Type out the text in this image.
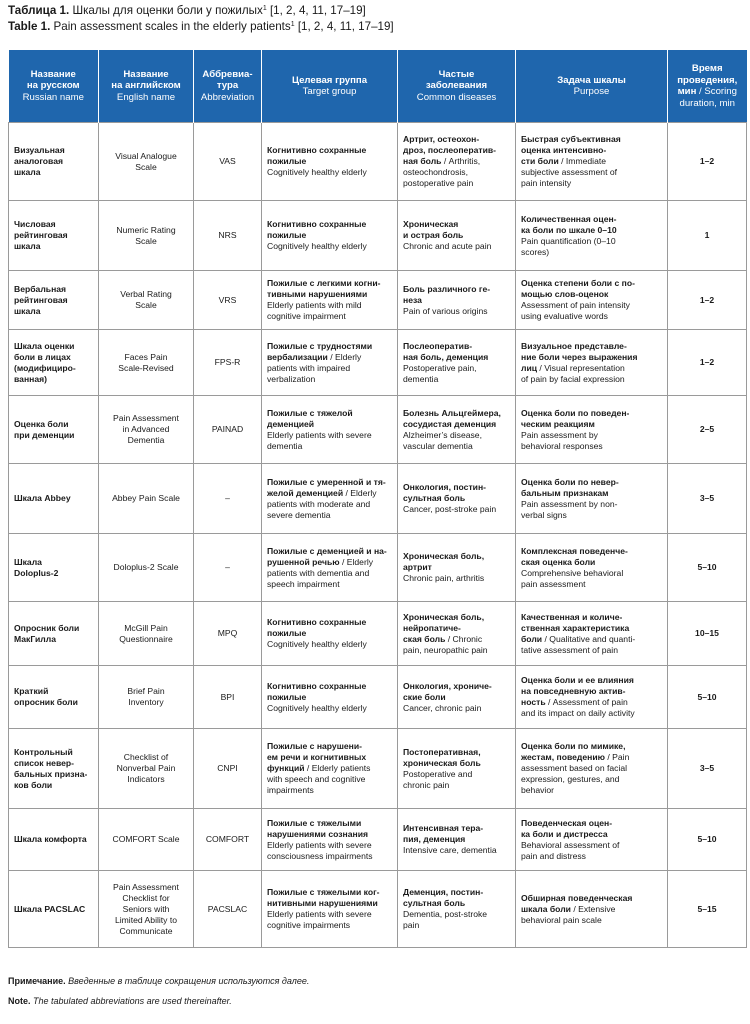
Таблица 1. Шкалы для оценки боли у пожилых$^1$ [1, 2, 4, 11, 17–19]
Table 1. Pain assessment scales in the elderly patients$^1$ [1, 2, 4, 11, 17–19]
Название
на русском
Russian name	Название
на английском
English name	Аббревиа-
тура
Abbreviation	Целевая группа
Target group	Частые
заболевания
Common diseases	Задача шкалы
Purpose	Время
проведения,
мин / Scoring
duration, min
Визуальная
аналоговая
шкала	Visual Analogue
Scale	VAS	Когнитивно сохранные
пожилые
Cognitively healthy elderly	Артрит, остеохон-
дроз, послеоператив-
ная боль / Arthritis,
osteochondrosis,
postoperative pain	Быстрая субъективная
оценка интенсивно-
сти боли / Immediate
subjective assessment of
pain intensity	1–2
Числовая
рейтинговая
шкала	Numeric Rating
Scale	NRS	Когнитивно сохранные
пожилые
Cognitively healthy elderly	Хроническая
и острая боль
Chronic and acute pain	Количественная оцен-
ка боли по шкале 0–10
Pain quantification (0–10
scores)	1
Вербальная
рейтинговая
шкала	Verbal Rating
Scale	VRS	Пожилые с легкими когни-
тивными нарушениями
Elderly patients with mild
cognitive impairment	Боль различного ге-
неза
Pain of various origins	Оценка степени боли с по-
мощью слов-оценок
Assessment of pain intensity
using evaluative words	1–2
Шкала оценки
боли в лицах
(модифициро-
ванная)	Faces Pain
Scale-Revised	FPS-R	Пожилые с трудностями
вербализации / Elderly
patients with impaired
verbalization	Послеоператив-
ная боль, деменция
Postoperative pain,
dementia	Визуальное представле-
ние боли через выражения
лиц / Visual representation
of pain by facial expression	1–2
Оценка боли
при деменции	Pain Assessment
in Advanced
Dementia	PAINAD	Пожилые с тяжелой
деменцией
Elderly patients with severe
dementia	Болезнь Альцгеймера,
сосудистая деменция
Alzheimer’s disease,
vascular dementia	Оценка боли по поведен-
ческим реакциям
Pain assessment by
behavioral responses	2–5
Шкала Abbey	Abbey Pain Scale	–	Пожилые с умеренной и тя-
желой деменцией / Elderly
patients with moderate and
severe dementia	Онкология, постин-
сультная боль
Cancer, post-stroke pain	Оценка боли по невер-
бальным признакам
Pain assessment by non-
verbal signs	3–5
Шкала
Doloplus-2	Doloplus-2 Scale	–	Пожилые с деменцией и на-
рушенной речью / Elderly
patients with dementia and
speech impairment	Хроническая боль,
артрит
Chronic pain, arthritis	Комплексная поведенче-
ская оценка боли
Comprehensive behavioral
pain assessment	5–10
Опросник боли
МакГилла	McGill Pain
Questionnaire	MPQ	Когнитивно сохранные
пожилые
Cognitively healthy elderly	Хроническая боль,
нейропатиче-
ская боль / Chronic
pain, neuropathic pain	Качественная и количе-
ственная характеристика
боли / Qualitative and quanti-
tative assessment of pain	10–15
Краткий
опросник боли	Brief Pain
Inventory	BPI	Когнитивно сохранные
пожилые
Cognitively healthy elderly	Онкология, хрониче-
ские боли
Cancer, chronic pain	Оценка боли и ее влияния
на повседневную актив-
ность / Assessment of pain
and its impact on daily activity	5–10
Контрольный
список невер-
бальных призна-
ков боли	Checklist of
Nonverbal Pain
Indicators	CNPI	Пожилые с нарушени-
ем речи и когнитивных
функций / Elderly patients
with speech and cognitive
impairments	Постоперативная,
хроническая боль
Postoperative and
chronic pain	Оценка боли по мимике,
жестам, поведению / Pain
assessment based on facial
expression, gestures, and
behavior	3–5
Шкала комфорта	COMFORT Scale	COMFORT	Пожилые с тяжелыми
нарушениями сознания
Elderly patients with severe
consciousness impairments	Интенсивная тера-
пия, деменция
Intensive care, dementia	Поведенческая оцен-
ка боли и дистресса
Behavioral assessment of
pain and distress	5–10
Шкала PACSLAC	Pain Assessment
Checklist for
Seniors with
Limited Ability to
Communicate	PACSLAC	Пожилые с тяжелыми ког-
нитивными нарушениями
Elderly patients with severe
cognitive impairments	Деменция, постин-
сультная боль
Dementia, post-stroke
pain	Обширная поведенческая
шкала боли / Extensive
behavioral pain scale	5–15
Примечание. Введенные в таблице сокращения используются далее.
Note. The tabulated abbreviations are used thereinafter.
